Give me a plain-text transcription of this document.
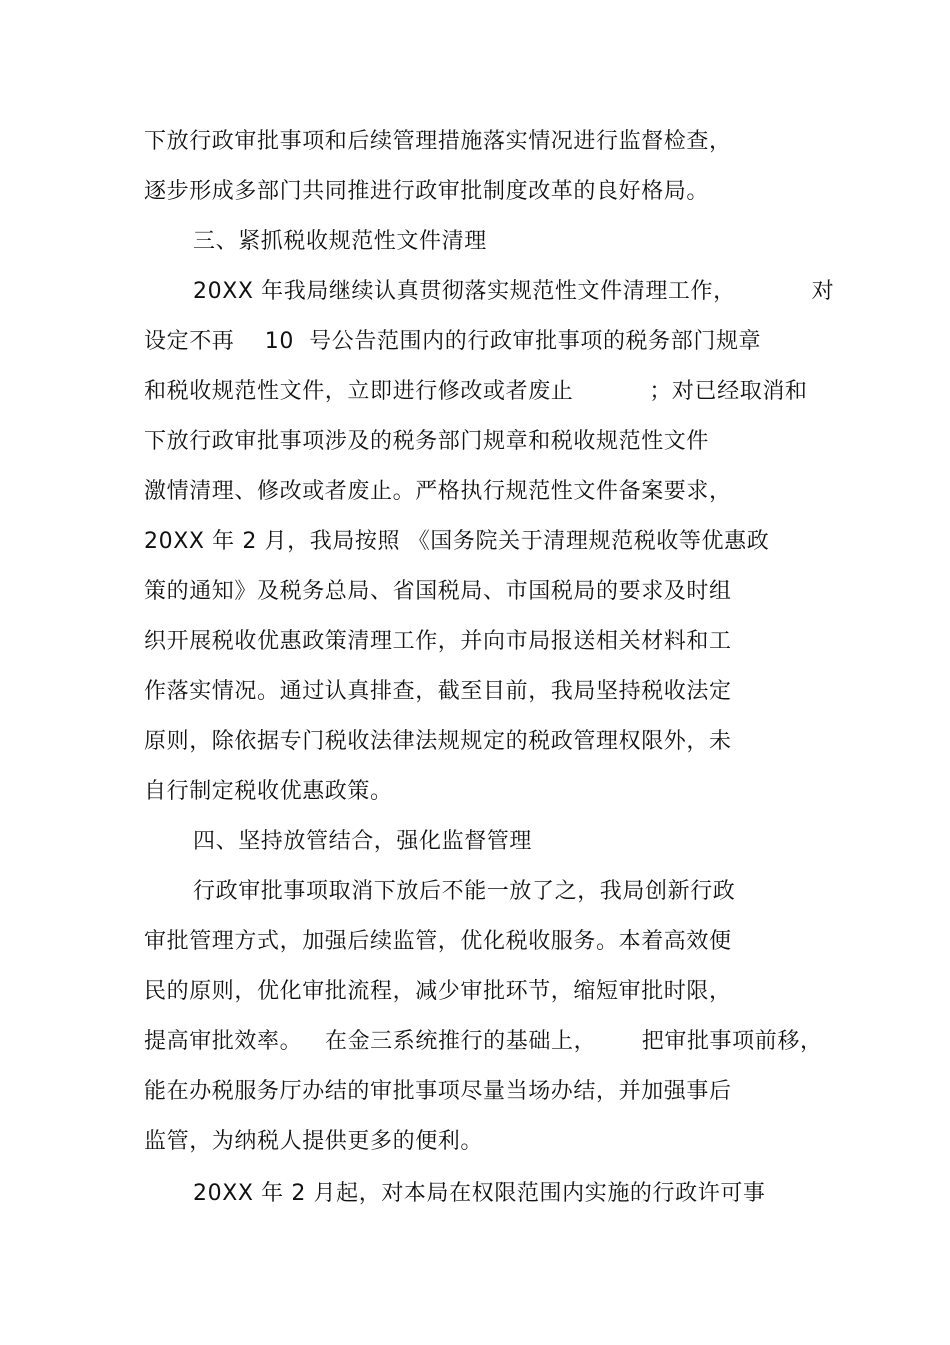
下放行政审批事项和后续管理措施落实情况进行监督检查，
逐步形成多部门共同推进行政审批制度改革的良好格局。
三、紧抓税收规范性文件清理
20XX 年我局继续认真贯彻落实规范性文件清理工作，          对
设定不再    10  号公告范围内的行政审批事项的税务部门规章
和税收规范性文件，立即进行修改或者废止          ；对已经取消和
下放行政审批事项涉及的税务部门规章和税收规范性文件
激情清理、修改或者废止。严格执行规范性文件备案要求，
20XX 年 2 月，我局按照 《国务院关于清理规范税收等优惠政
策的通知》及税务总局、省国税局、市国税局的要求及时组
织开展税收优惠政策清理工作，并向市局报送相关材料和工
作落实情况。通过认真排查，截至目前，我局坚持税收法定
原则，除依据专门税收法律法规规定的税政管理权限外，未
自行制定税收优惠政策。
四、坚持放管结合，强化监督管理
行政审批事项取消下放后不能一放了之，我局创新行政
审批管理方式，加强后续监管，优化税收服务。本着高效便
民的原则，优化审批流程，减少审批环节，缩短审批时限，
提高审批效率。   在金三系统推行的基础上，      把审批事项前移，
能在办税服务厅办结的审批事项尽量当场办结，并加强事后
监管，为纳税人提供更多的便利。
20XX 年 2 月起，对本局在权限范围内实施的行政许可事
